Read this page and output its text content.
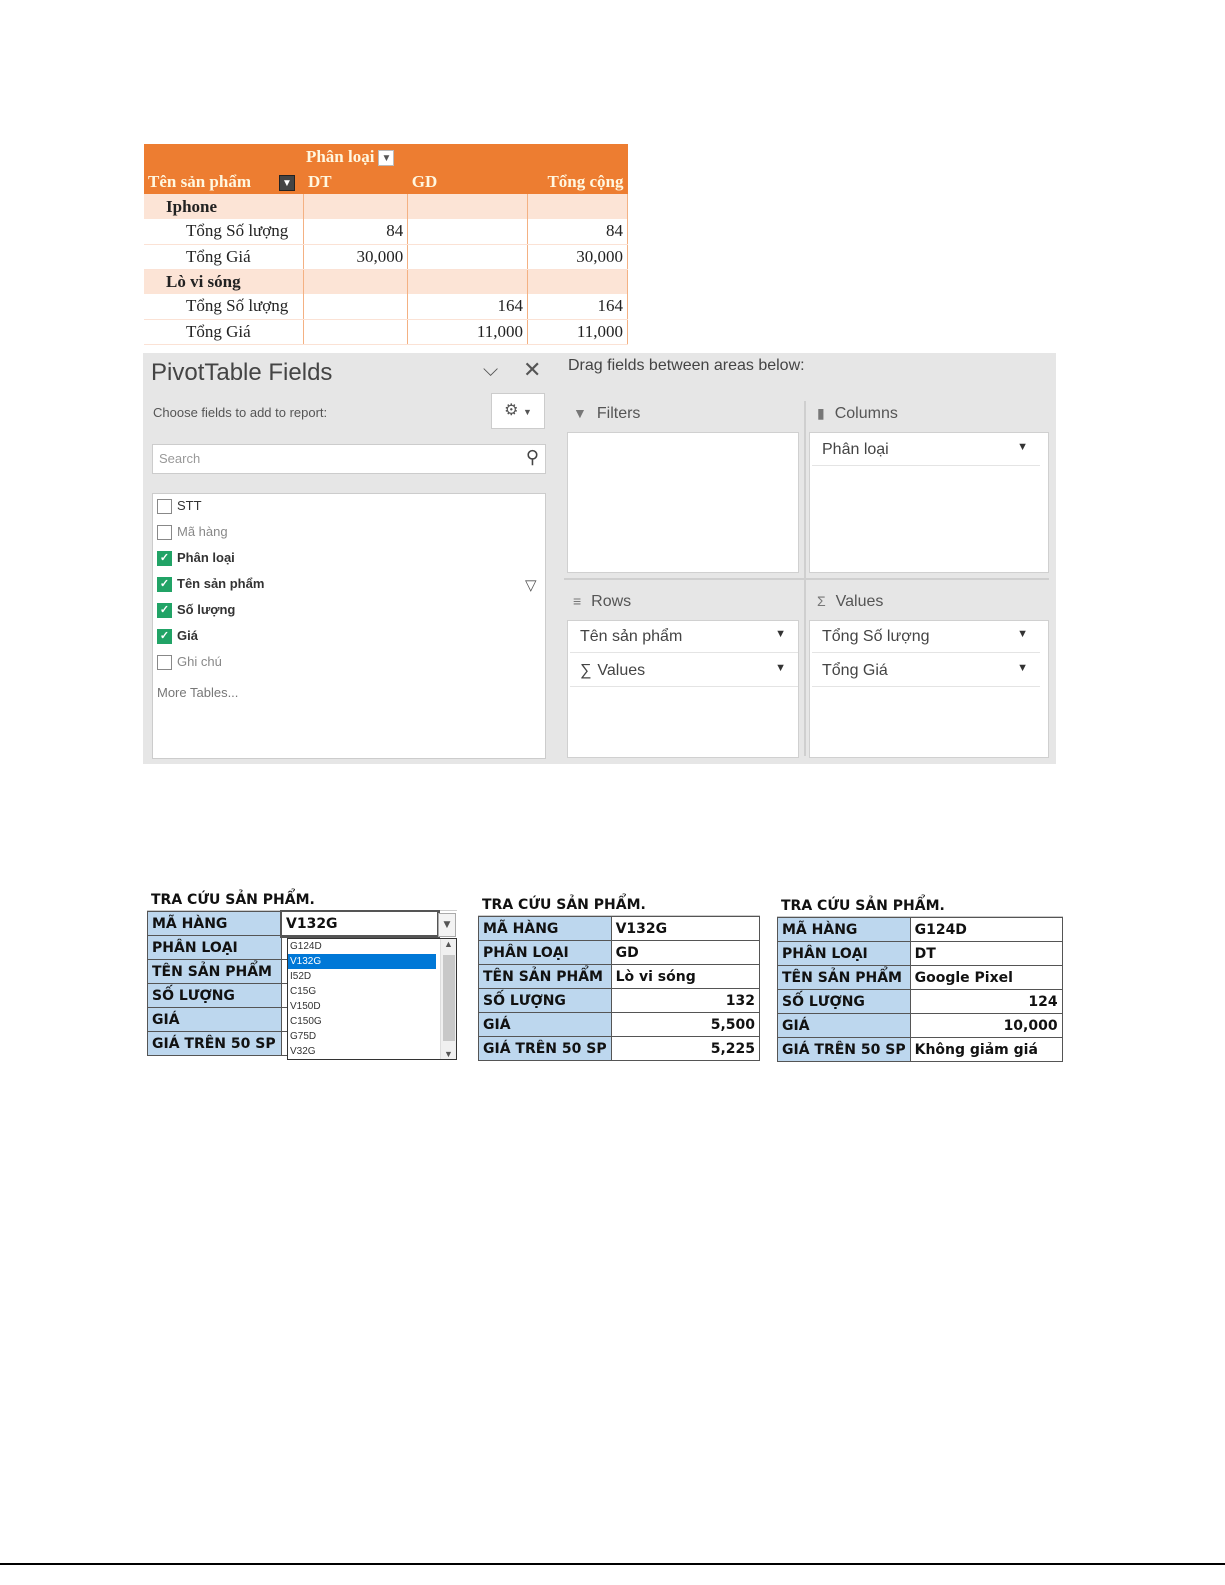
	Phân loại ▼		
Tên sản phẩm ▼	DT	GD	Tổng cộng
Iphone			
Tổng Số lượng	84		84
Tổng Giá	30,000		30,000
Lò vi sóng			
Tổng Số lượng		164	164
Tổng Giá		11,000	11,000
PivotTable Fields	⌵ ✕
Choose fields to add to report:	⚙ ▼
Search	⚲
STT
Mã hàng
✓ Phân loại
✓ Tên sản phẩm	▽
✓ Số lượng
✓ Giá
Ghi chú
More Tables...
Drag fields between areas below:
▼ Filters	▮ Columns
Phân loại	▼
≡ Rows
Tên sản phẩm	▼
∑ Values	▼
Σ Values
Tổng Số lượng	▼
Tổng Giá	▼
TRA CỨU SẢN PHẨM.
MÃ HÀNG	V132G
PHÂN LOẠI	
TÊN SẢN PHẨM	
SỐ LƯỢNG	
GIÁ	
GIÁ TRÊN 50 SP	
▼
G124D
V132G
I52D
C15G
V150D
C150G
G75D
V32G
▲
▼
TRA CỨU SẢN PHẨM.
MÃ HÀNG	V132G
PHÂN LOẠI	GD
TÊN SẢN PHẨM	Lò vi sóng
SỐ LƯỢNG	132
GIÁ	5,500
GIÁ TRÊN 50 SP	5,225
TRA CỨU SẢN PHẨM.
MÃ HÀNG	G124D
PHÂN LOẠI	DT
TÊN SẢN PHẨM	Google Pixel
SỐ LƯỢNG	124
GIÁ	10,000
GIÁ TRÊN 50 SP	Không giảm giá
